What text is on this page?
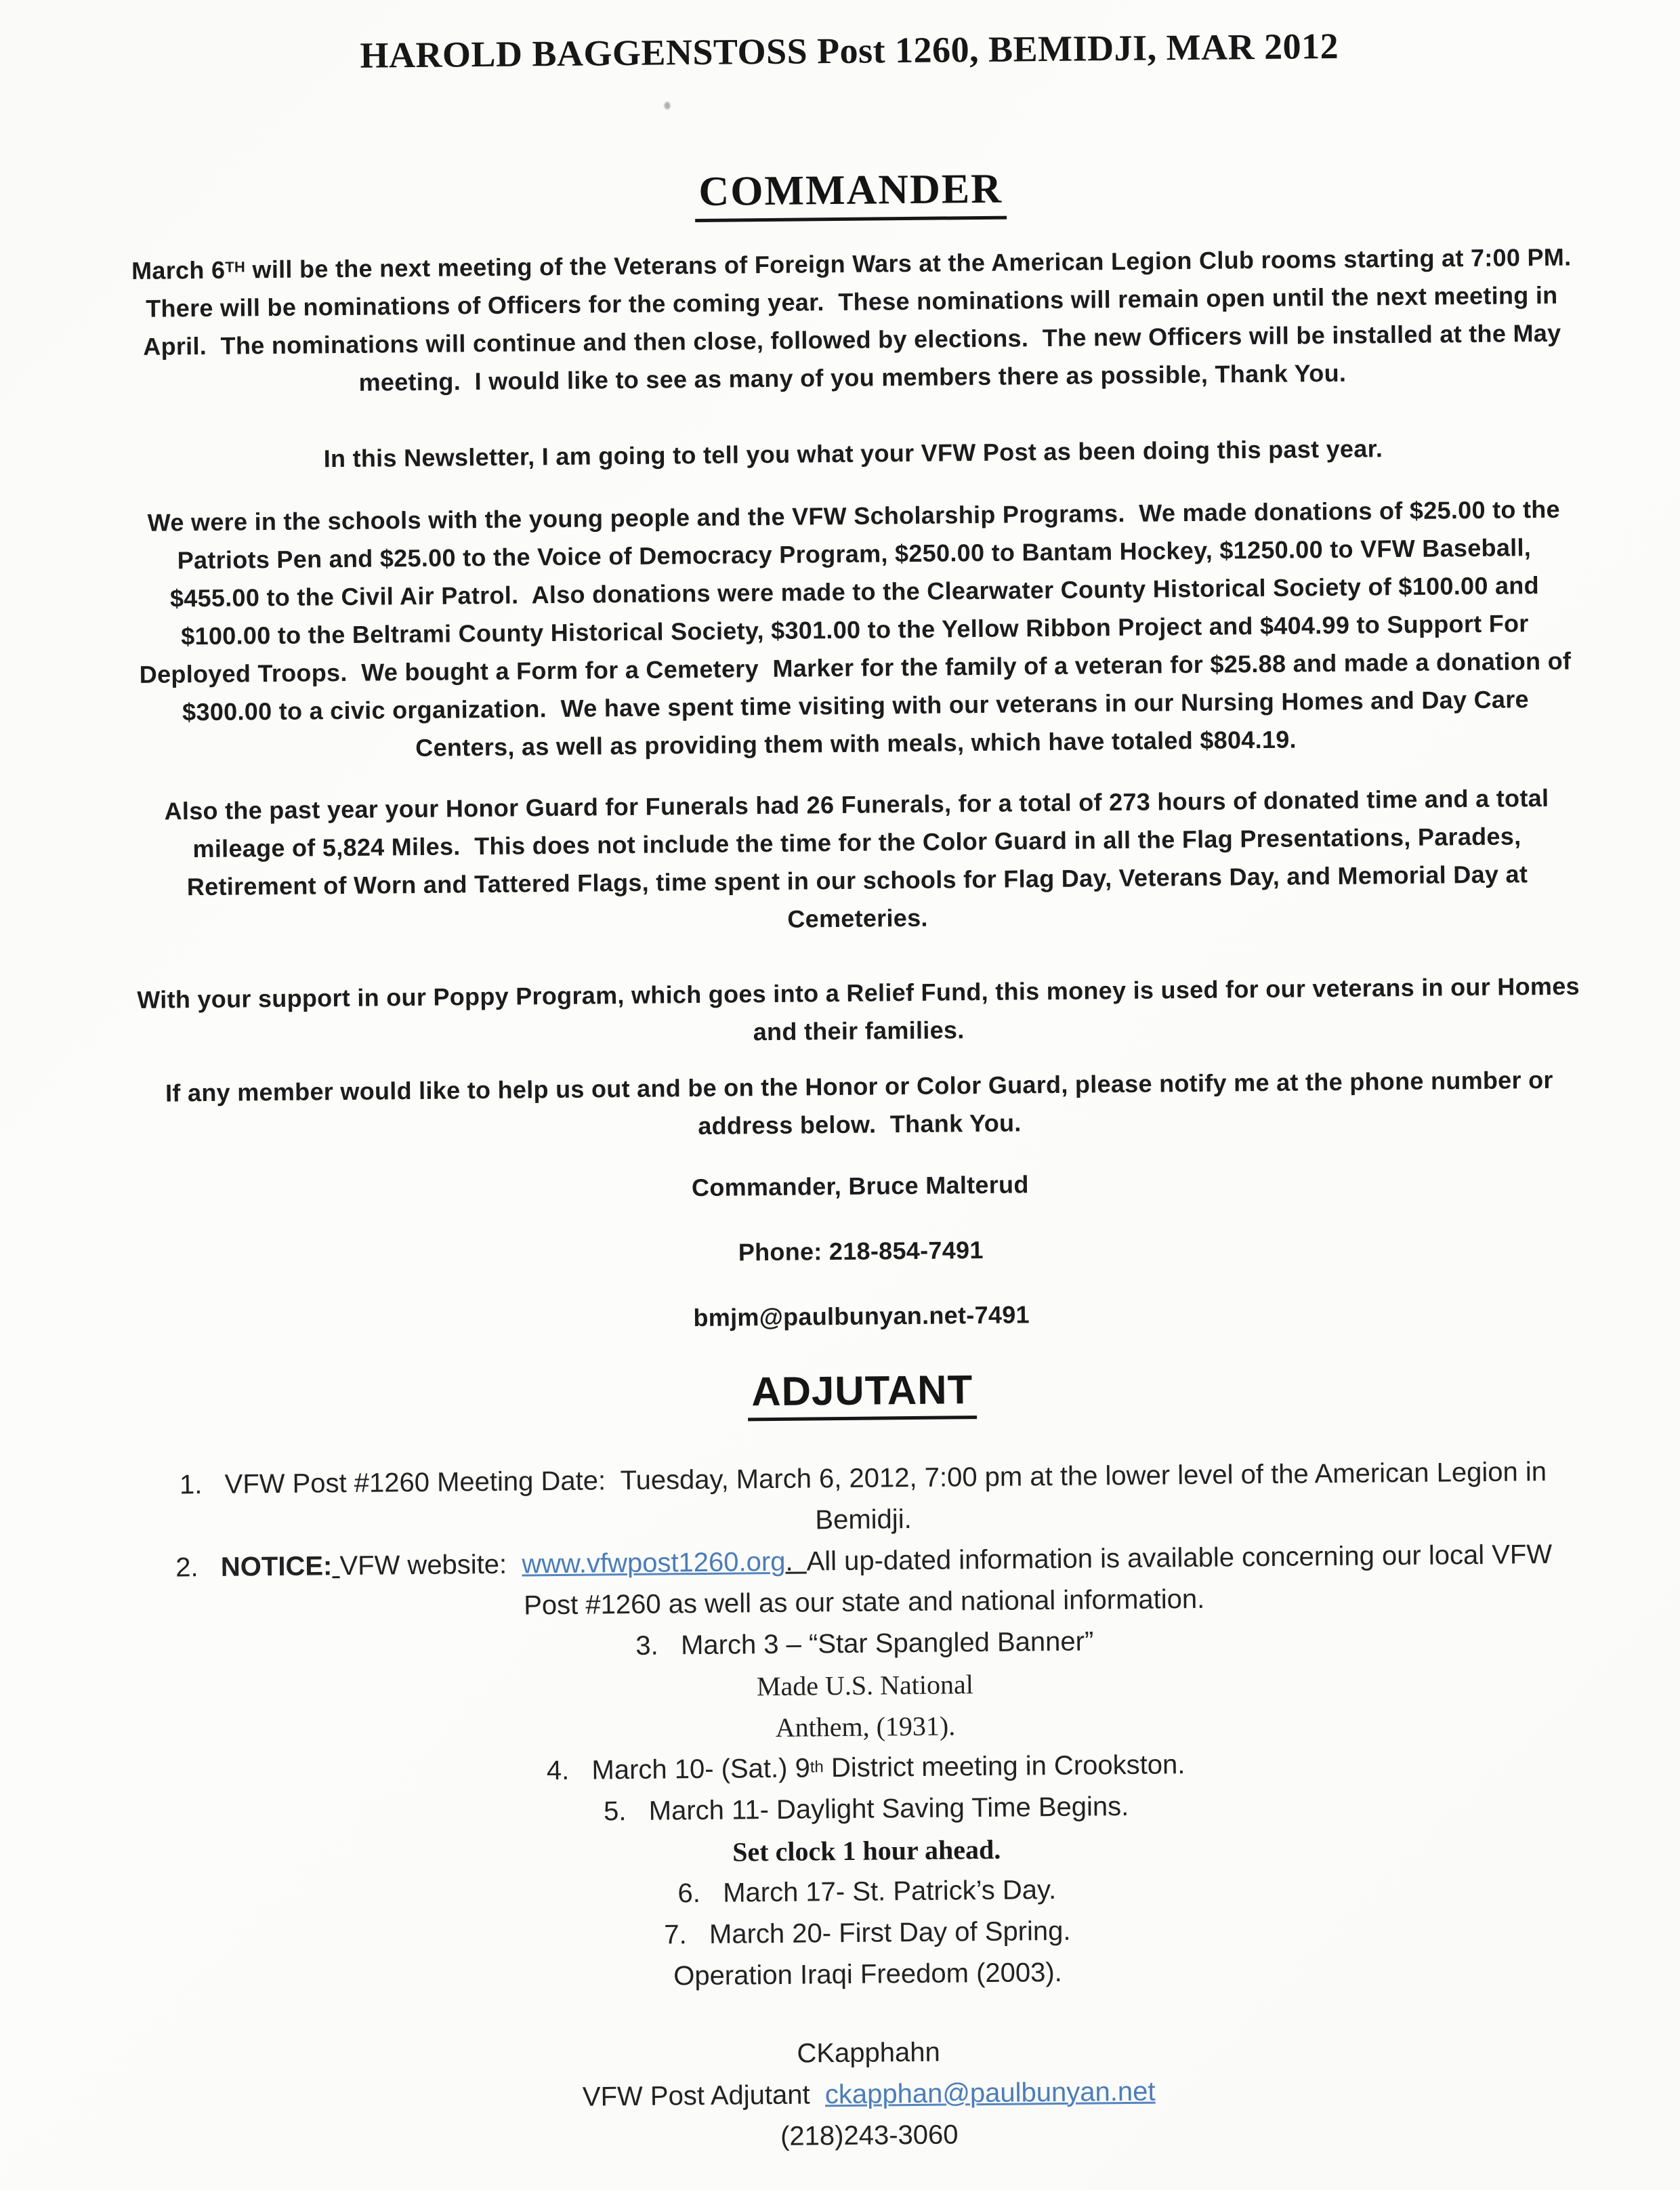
HAROLD BAGGENSTOSS Post 1260, BEMIDJI, MAR 2012
COMMANDER
March 6TH will be the next meeting of the Veterans of Foreign Wars at the American Legion Club rooms starting at 7:00 PM.
There will be nominations of Officers for the coming year.  These nominations will remain open until the next meeting in
April.  The nominations will continue and then close, followed by elections.  The new Officers will be installed at the May
meeting.  I would like to see as many of you members there as possible, Thank You.
In this Newsletter, I am going to tell you what your VFW Post as been doing this past year.
We were in the schools with the young people and the VFW Scholarship Programs.  We made donations of $25.00 to the
Patriots Pen and $25.00 to the Voice of Democracy Program, $250.00 to Bantam Hockey, $1250.00 to VFW Baseball,
$455.00 to the Civil Air Patrol.  Also donations were made to the Clearwater County Historical Society of $100.00 and
$100.00 to the Beltrami County Historical Society, $301.00 to the Yellow Ribbon Project and $404.99 to Support For
Deployed Troops.  We bought a Form for a Cemetery  Marker for the family of a veteran for $25.88 and made a donation of
$300.00 to a civic organization.  We have spent time visiting with our veterans in our Nursing Homes and Day Care
Centers, as well as providing them with meals, which have totaled $804.19.
Also the past year your Honor Guard for Funerals had 26 Funerals, for a total of 273 hours of donated time and a total
mileage of 5,824 Miles.  This does not include the time for the Color Guard in all the Flag Presentations, Parades,
Retirement of Worn and Tattered Flags, time spent in our schools for Flag Day, Veterans Day, and Memorial Day at
Cemeteries.
With your support in our Poppy Program, which goes into a Relief Fund, this money is used for our veterans in our Homes
and their families.
If any member would like to help us out and be on the Honor or Color Guard, please notify me at the phone number or
address below.  Thank You.
Commander, Bruce Malterud
Phone: 218-854-7491
bmjm@paulbunyan.net-7491
ADJUTANT
1.   VFW Post #1260 Meeting Date:  Tuesday, March 6, 2012, 7:00 pm at the lower level of the American Legion in
Bemidji.
2.   NOTICE: VFW website:  www.vfwpost1260.org.  All up-dated information is available concerning our local VFW
Post #1260 as well as our state and national information.
3.   March 3 – “Star Spangled Banner”
Made U.S. National
Anthem, (1931).
4.   March 10- (Sat.) 9th District meeting in Crookston.
5.   March 11- Daylight Saving Time Begins.
Set clock 1 hour ahead.
6.   March 17- St. Patrick’s Day.
7.   March 20- First Day of Spring.
Operation Iraqi Freedom (2003).
CKapphahn
VFW Post Adjutant  ckapphan@paulbunyan.net
(218)243-3060
